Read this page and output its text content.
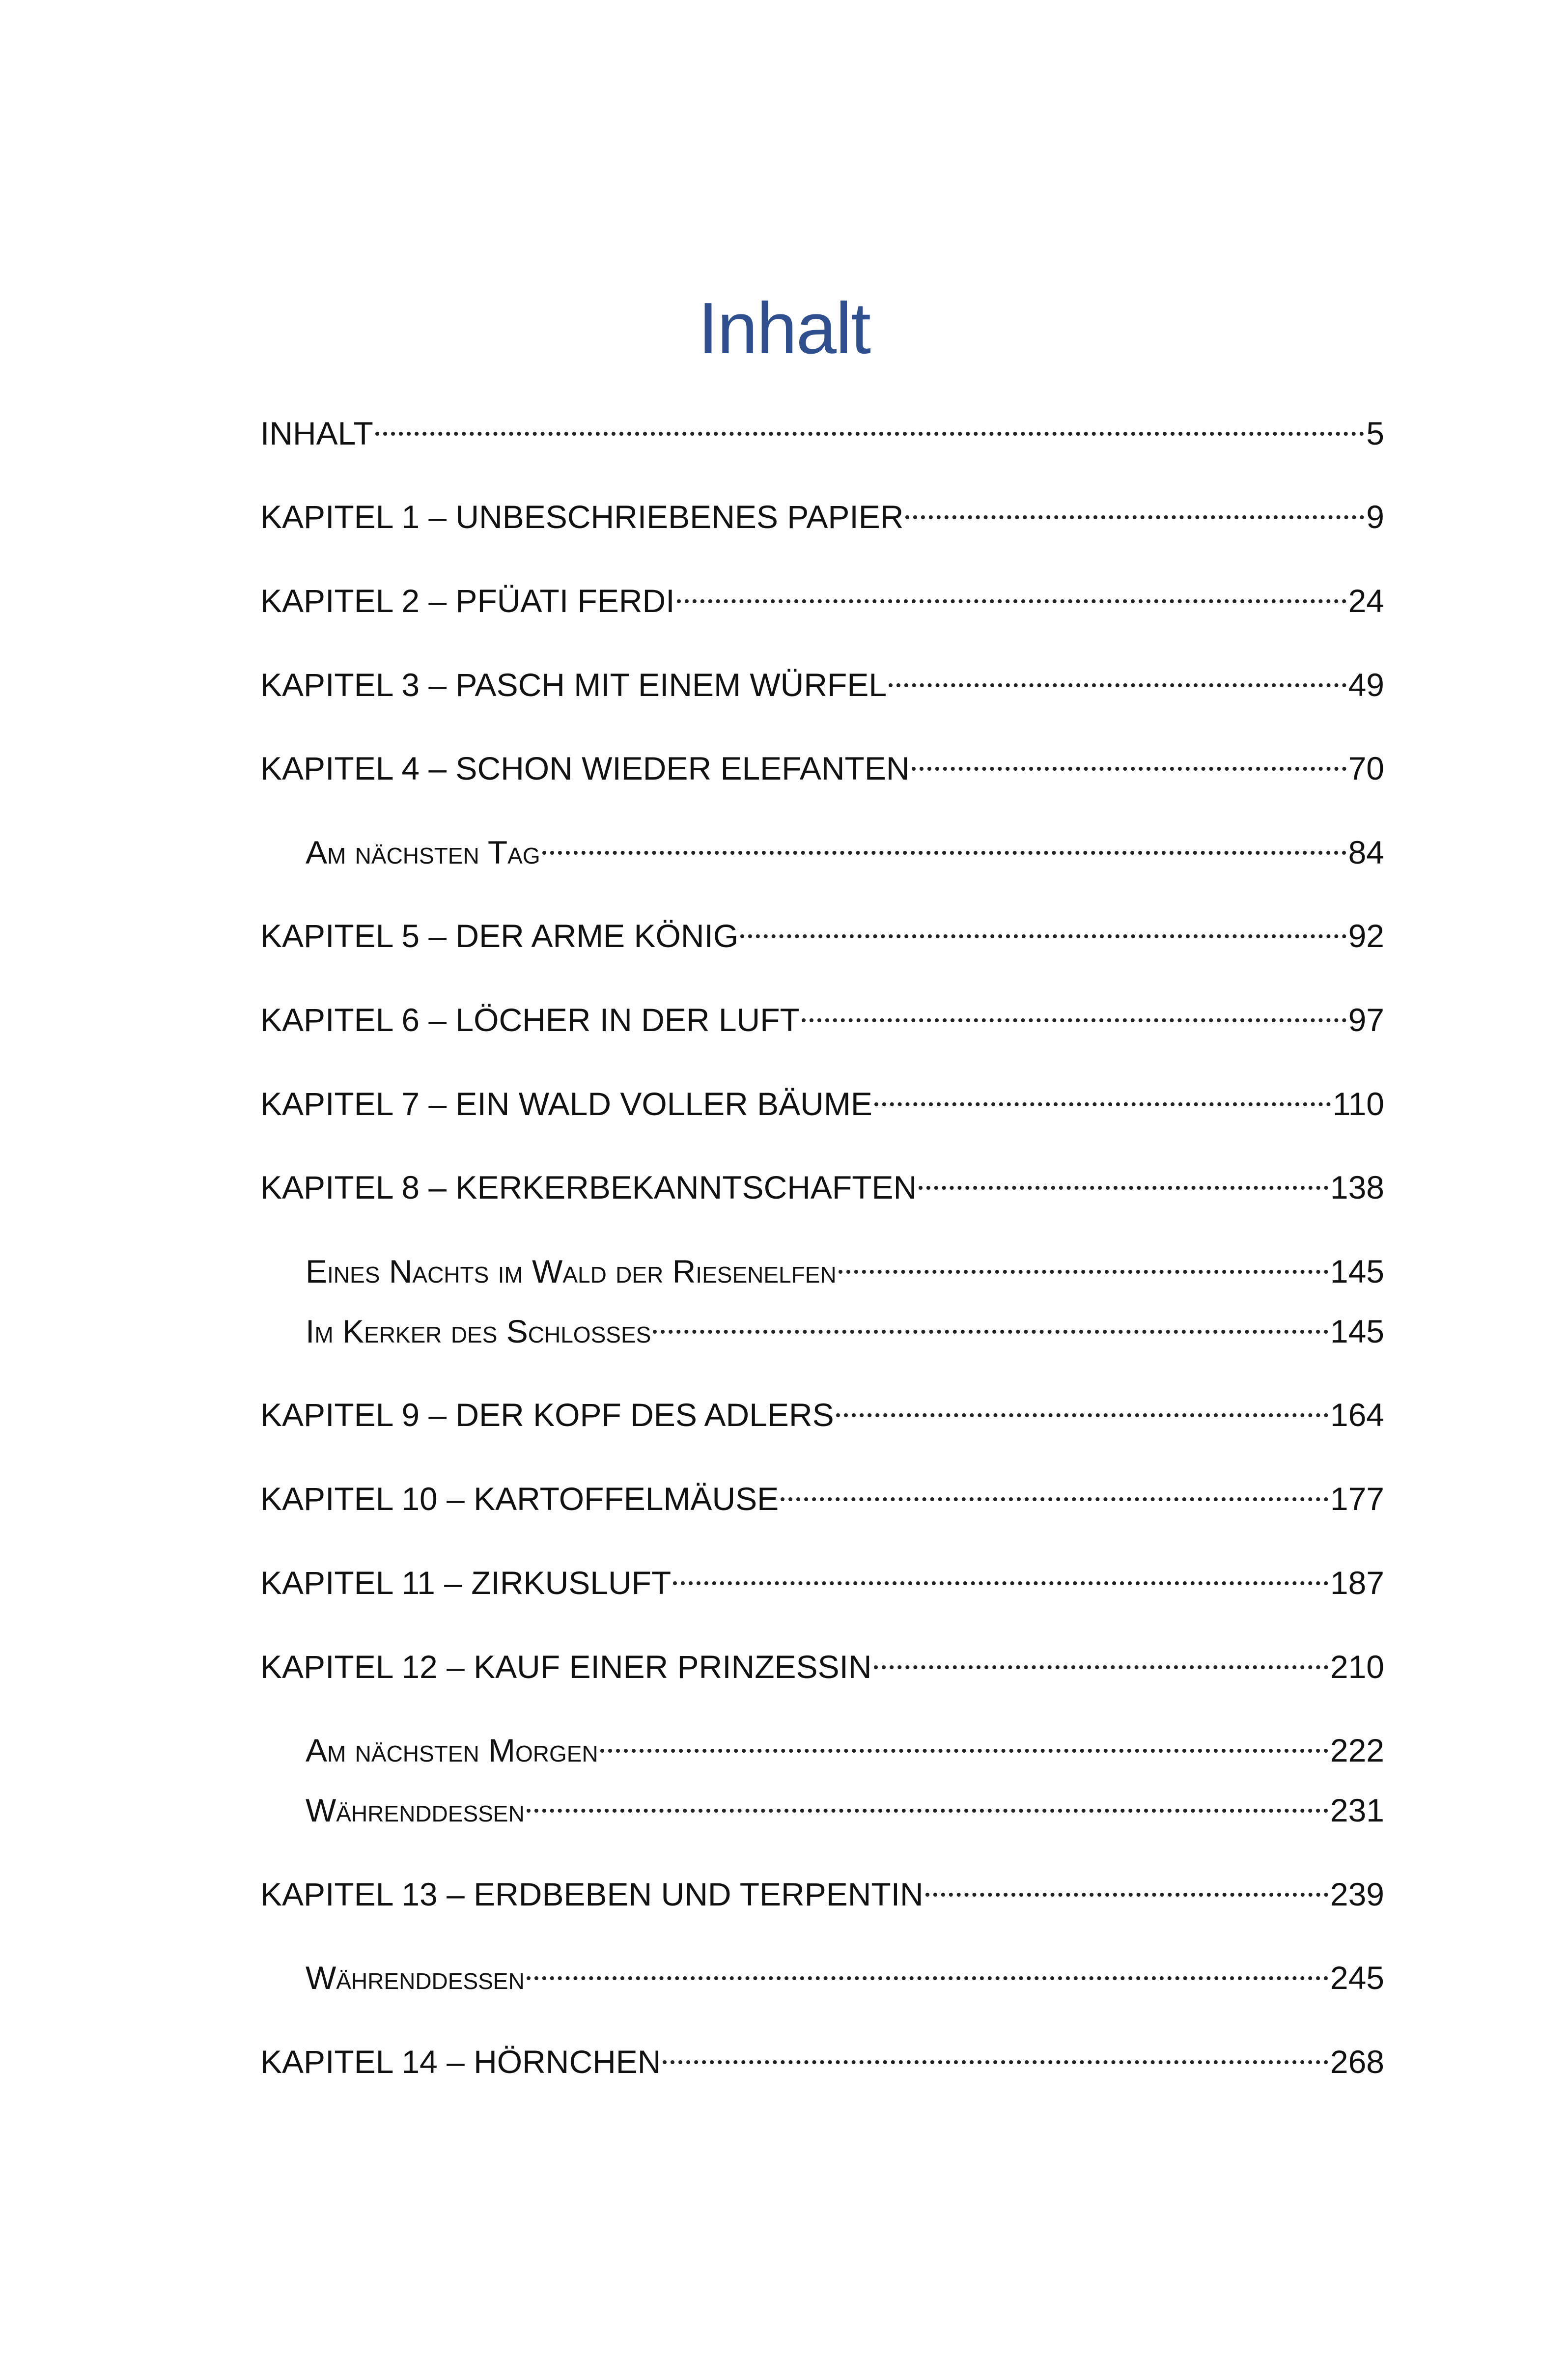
Inhalt
INHALT	5
KAPITEL 1 – UNBESCHRIEBENES PAPIER	9
KAPITEL 2 – PFÜATI FERDI	24
KAPITEL 3 – PASCH MIT EINEM WÜRFEL	49
KAPITEL 4 – SCHON WIEDER ELEFANTEN	70
Am nächsten Tag	84
KAPITEL 5 – DER ARME KÖNIG	92
KAPITEL 6 – LÖCHER IN DER LUFT	97
KAPITEL 7 – EIN WALD VOLLER BÄUME	110
KAPITEL 8 – KERKERBEKANNTSCHAFTEN	138
Eines Nachts im Wald der Riesenelfen	145
Im Kerker des Schlosses	145
KAPITEL 9 – DER KOPF DES ADLERS	164
KAPITEL 10 – KARTOFFELMÄUSE	177
KAPITEL 11 – ZIRKUSLUFT	187
KAPITEL 12 – KAUF EINER PRINZESSIN	210
Am nächsten Morgen	222
Währenddessen	231
KAPITEL 13 – ERDBEBEN UND TERPENTIN	239
Währenddessen	245
KAPITEL 14 – HÖRNCHEN	268
